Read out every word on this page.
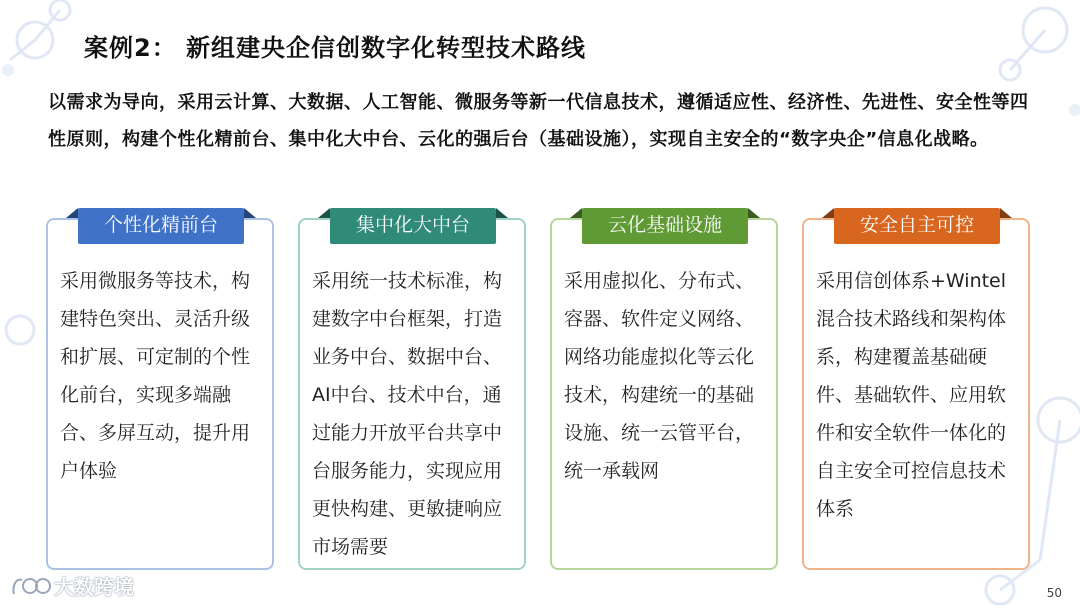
案例2： 新组建央企信创数字化转型技术路线
以需求为导向，采用云计算、大数据、人工智能、微服务等新一代信息技术，遵循适应性、经济性、先进性、安全性等四性原则，构建个性化精前台、集中化大中台、云化的强后台（基础设施），实现自主安全的“数字央企”信息化战略。
采用微服务等技术，构建特色突出、灵活升级和扩展、可定制的个性化前台，实现多端融合、多屏互动，提升用户体验
个性化精前台
采用统一技术标准，构建数字中台框架，打造业务中台、数据中台、AI中台、技术中台，通过能力开放平台共享中台服务能力，实现应用更快构建、更敏捷响应市场需要
集中化大中台
采用虚拟化、分布式、容器、软件定义网络、网络功能虚拟化等云化技术，构建统一的基础设施、统一云管平台，统一承载网
云化基础设施
采用信创体系+Wintel混合技术路线和架构体系，构建覆盖基础硬件、基础软件、应用软件和安全软件一体化的自主安全可控信息技术体系
安全自主可控
大数跨境	50
